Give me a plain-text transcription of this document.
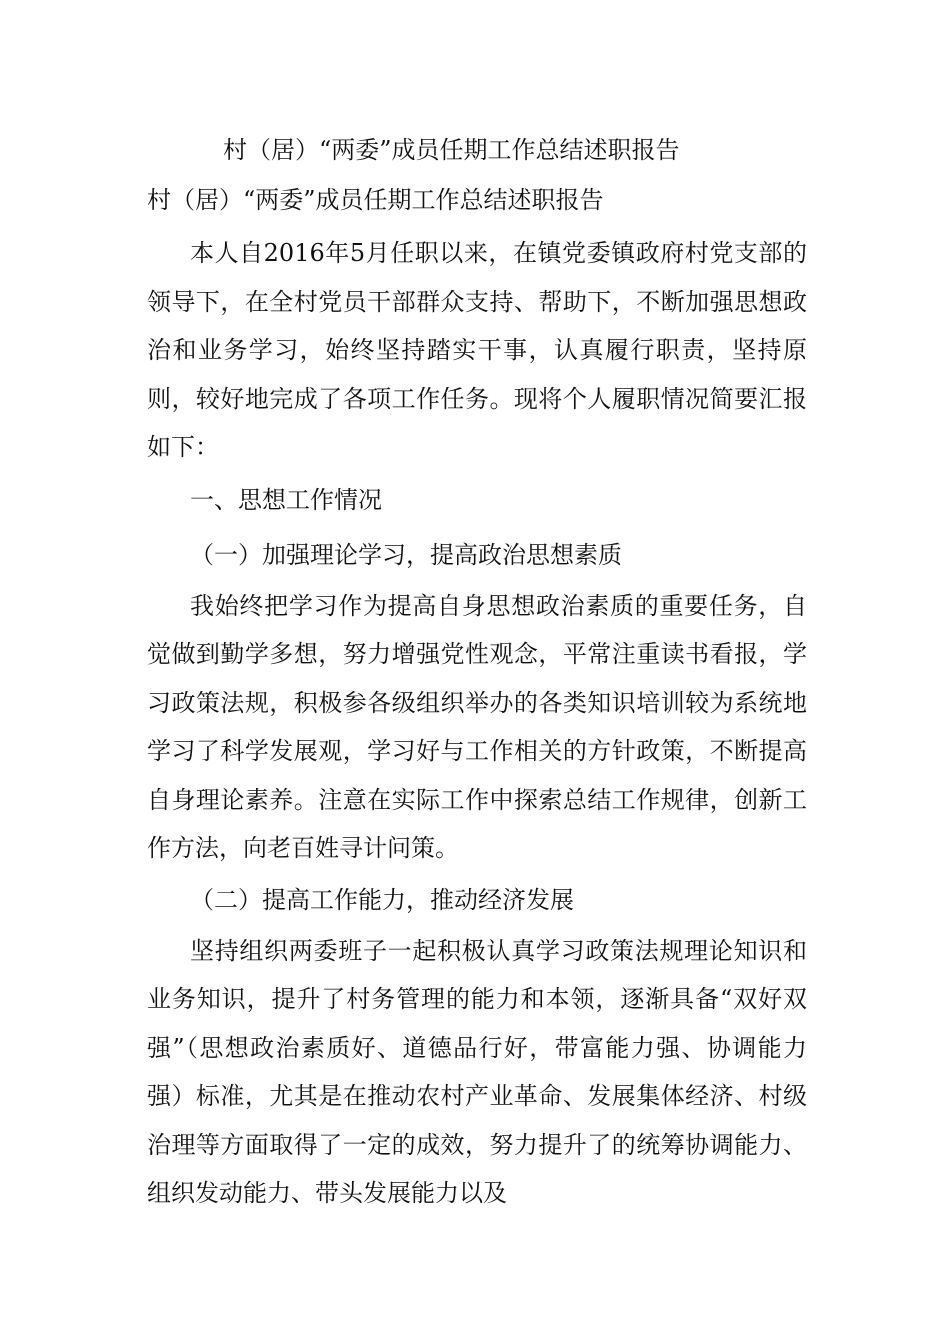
村（居）“两委”成员任期工作总结述职报告
村（居）“两委”成员任期工作总结述职报告

本人自2016年5月任职以来，在镇党委镇政府村党支部的领导下，在全村党员干部群众支持、帮助下，不断加强思想政治和业务学习，始终坚持踏实干事，认真履行职责，坚持原则，较好地完成了各项工作任务。现将个人履职情况简要汇报如下：

一、思想工作情况

（一）加强理论学习，提高政治思想素质

我始终把学习作为提高自身思想政治素质的重要任务，自觉做到勤学多想，努力增强党性观念，平常注重读书看报，学习政策法规，积极参各级组织举办的各类知识培训较为系统地学习了科学发展观，学习好与工作相关的方针政策，不断提高自身理论素养。注意在实际工作中探索总结工作规律，创新工作方法，向老百姓寻计问策。

（二）提高工作能力，推动经济发展

坚持组织两委班子一起积极认真学习政策法规理论知识和业务知识，提升了村务管理的能力和本领，逐渐具备“双好双强”（思想政治素质好、道德品行好，带富能力强、协调能力强）标准，尤其是在推动农村产业革命、发展集体经济、村级治理等方面取得了一定的成效，努力提升了的统筹协调能力、组织发动能力、带头发展能力以及
